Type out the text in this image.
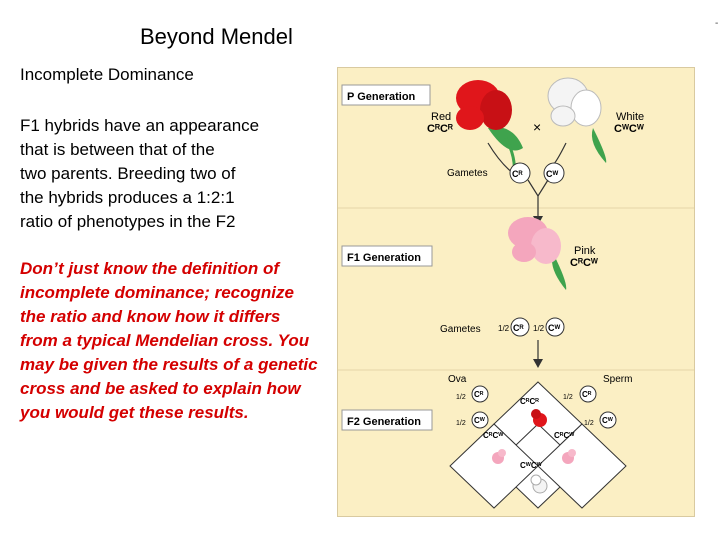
Beyond Mendel
Incomplete Dominance
F1 hybrids have an appearance
that is between that of the
two parents. Breeding two of
the hybrids produces a 1:2:1
ratio of phenotypes in the F2
Don’t just know the definition of
incomplete dominance; recognize
the ratio and know how it differs
from a typical Mendelian cross. You
may be given the results of a genetic
cross and be asked to explain how
you would get these results.
-
P Generation
F1 Generation
F2 Generation
Red
CᴿCᴿ	×
White
CᵂCᵂ
Gametes	Cᴿ	Cᵂ
Pink
CᴿCᵂ
Gametes 1/2 Cᴿ 1/2 Cᵂ
Ova	Sperm
1/2 Cᴿ
1/2 Cᵂ
1/2 Cᴿ
1/2 Cᵂ
CᴿCᴿ
CᴿCᵂ	CᴿCᵂ
CᵂCᵂ
